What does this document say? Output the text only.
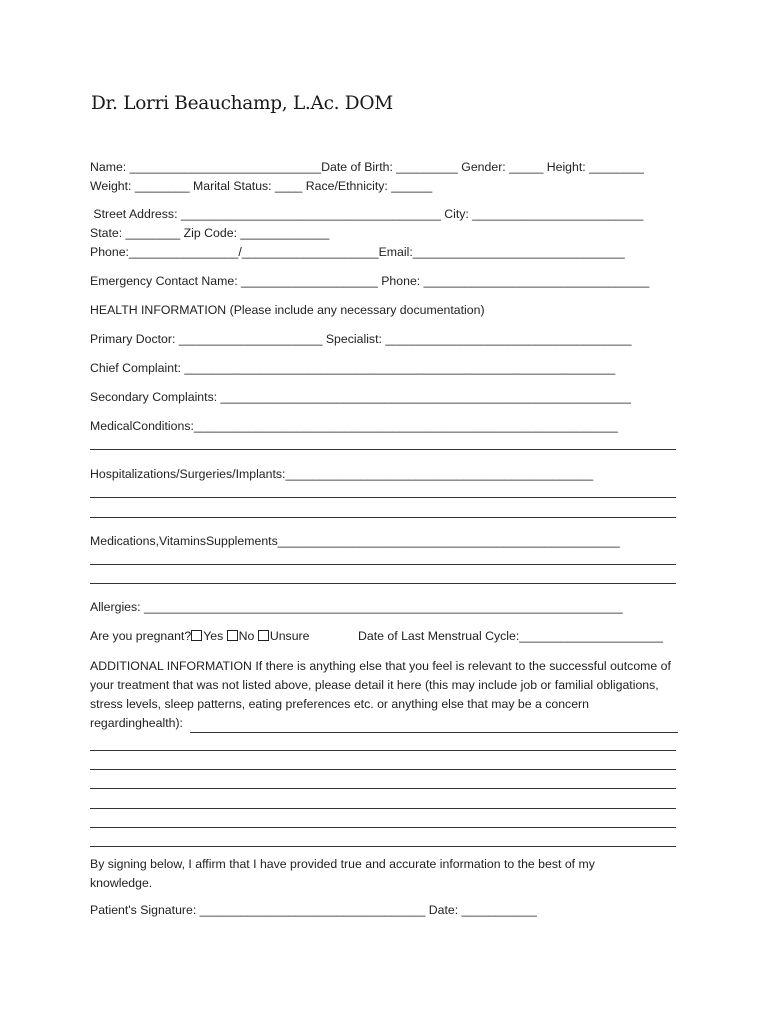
Dr. Lorri Beauchamp, L.Ac. DOM
Name: ____________________________Date of Birth: _________ Gender: _____ Height: ________
Weight: ________ Marital Status: ____ Race/Ethnicity: ______
Street Address: ______________________________________ City: _________________________
State: ________ Zip Code: _____________
Phone:________________/____________________Email:_______________________________
Emergency Contact Name: ____________________ Phone: _________________________________
HEALTH INFORMATION (Please include any necessary documentation)
Primary Doctor: _____________________ Specialist: ____________________________________
Chief Complaint: _______________________________________________________________
Secondary Complaints: ____________________________________________________________
MedicalConditions:______________________________________________________________
Hospitalizations/Surgeries/Implants:_____________________________________________
Medications,VitaminsSupplements__________________________________________________
Allergies: ______________________________________________________________________
Are you pregnant? Yes No Unsure	Date of Last Menstrual Cycle:_____________________
ADDITIONAL INFORMATION If there is anything else that you feel is relevant to the successful outcome of your treatment that was not listed above, please detail it here (this may include job or familial obligations, stress levels, sleep patterns, eating preferences etc. or anything else that may be a concern regardinghealth):
By signing below, I affirm that I have provided true and accurate information to the best of my knowledge.
Patient's Signature: _________________________________ Date: ___________
